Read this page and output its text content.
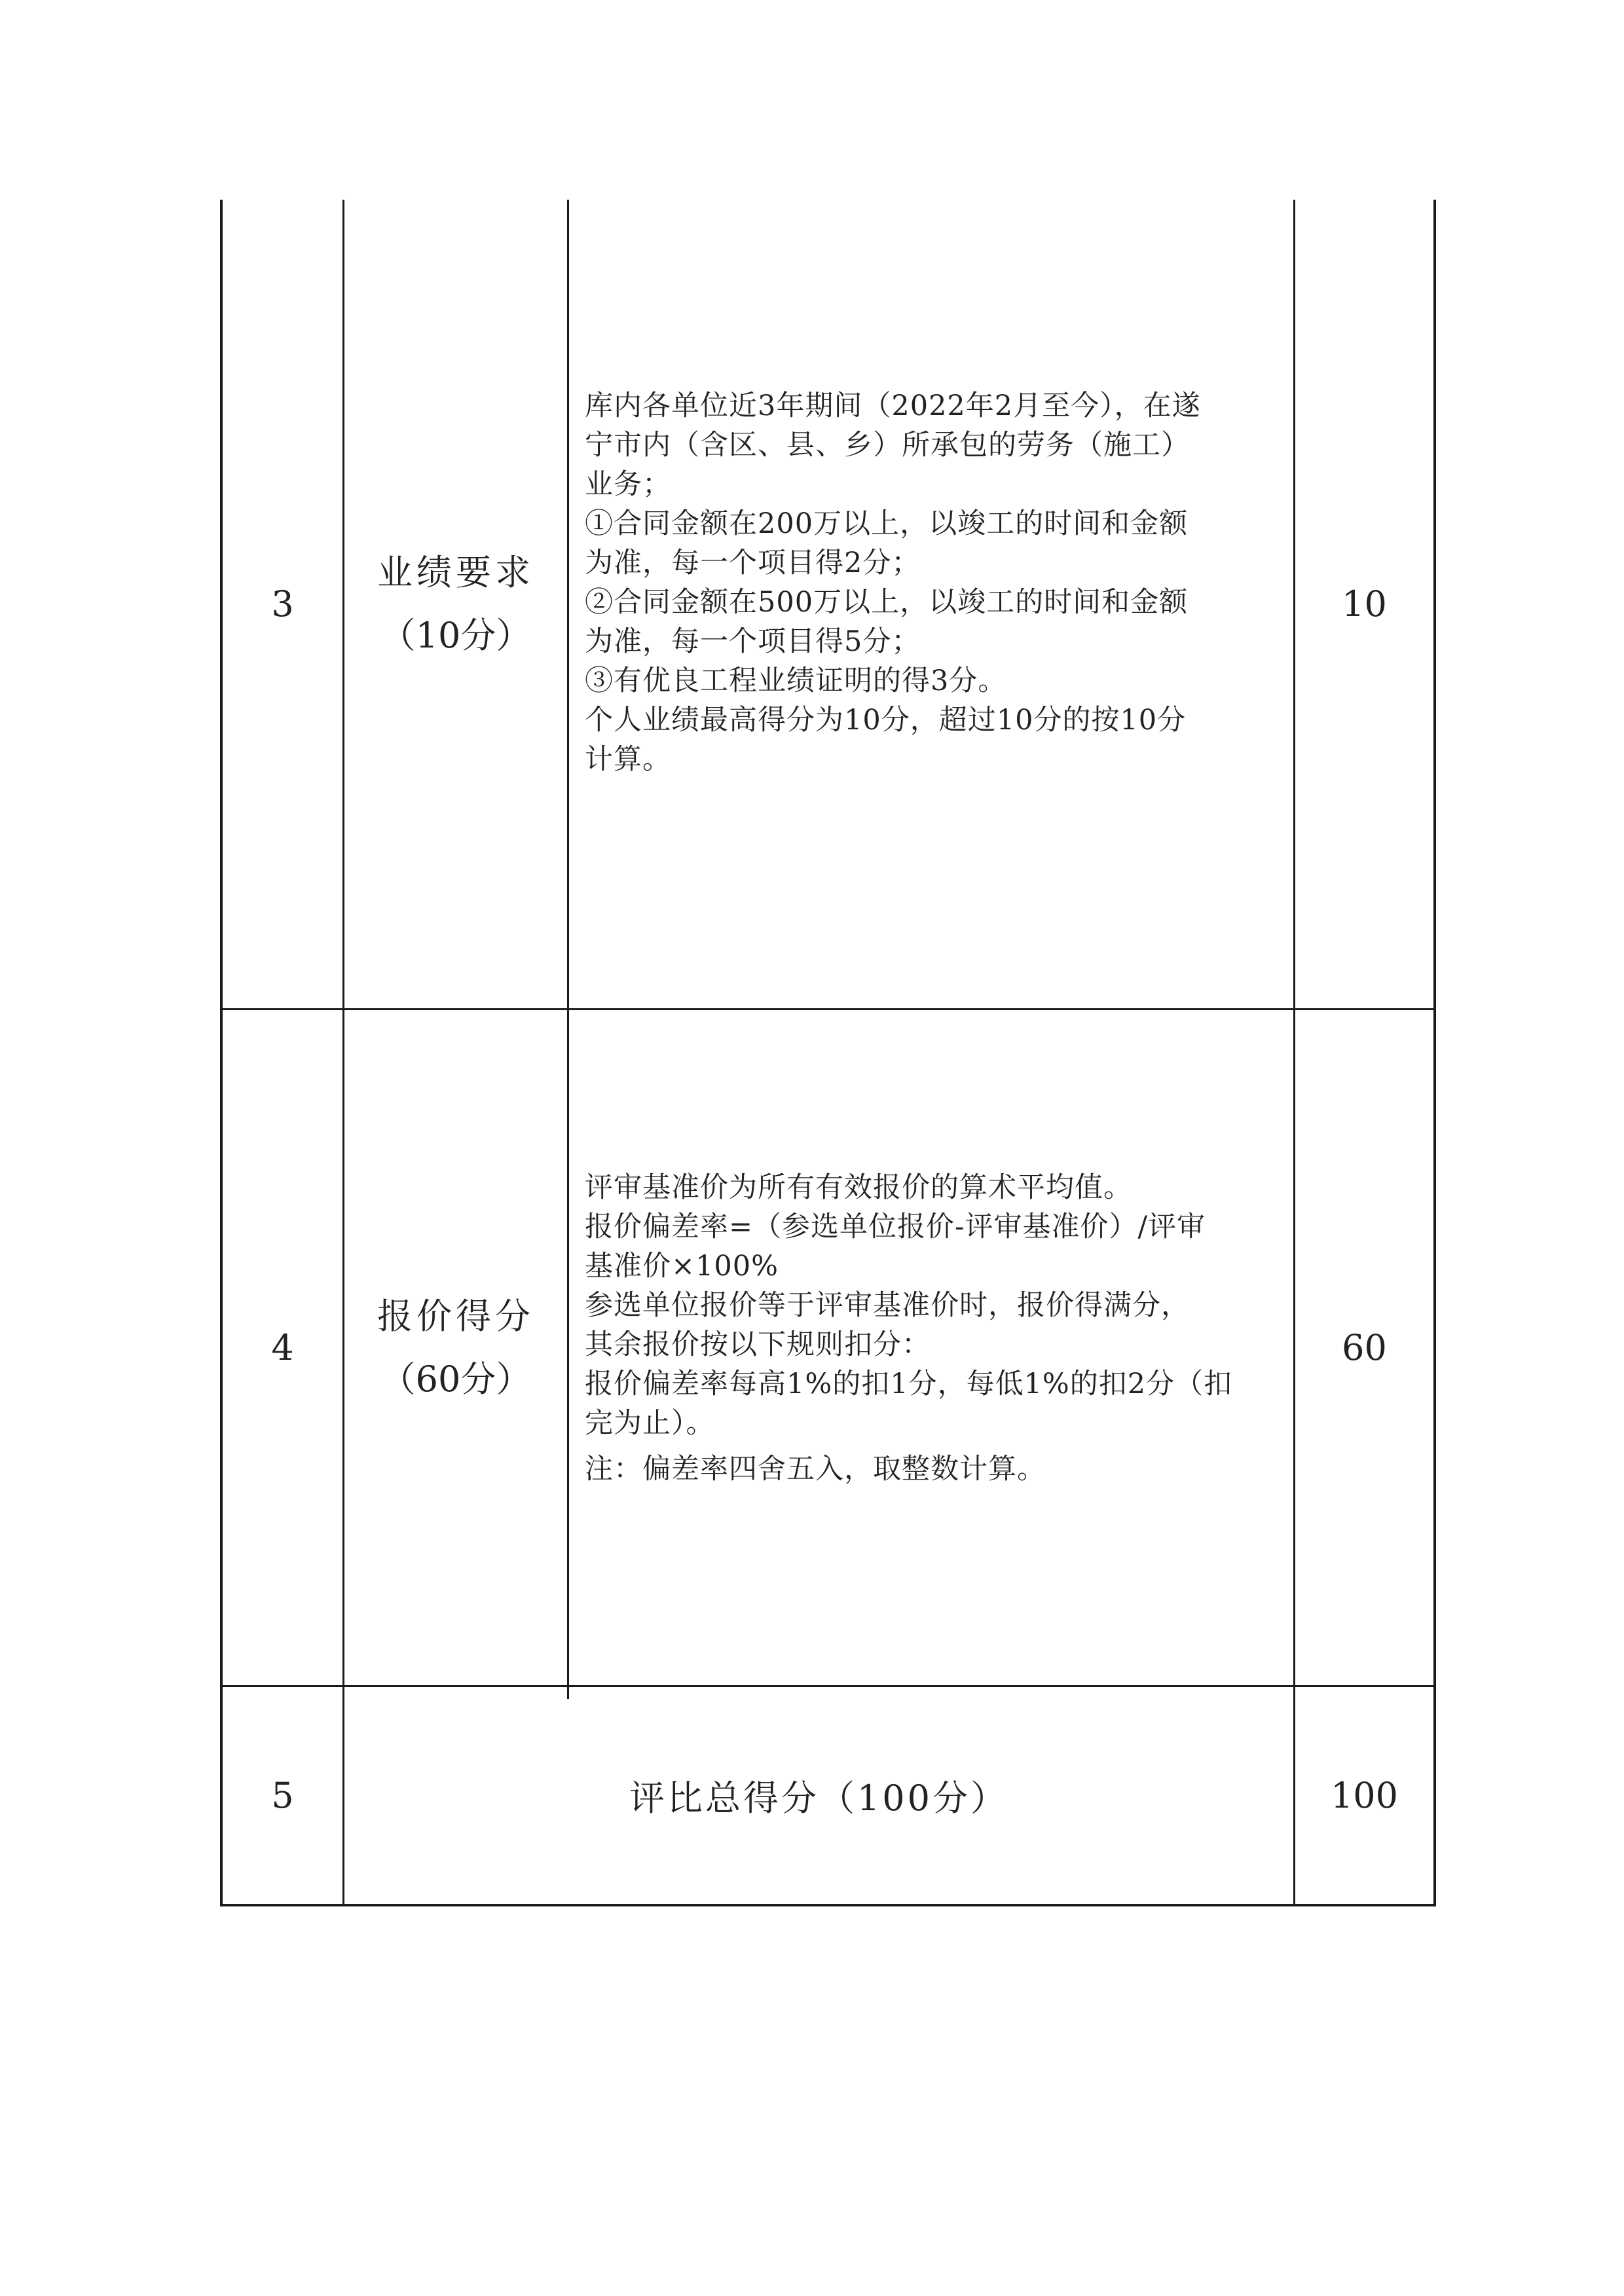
3
业绩要求
（10分）
库内各单位近3年期间（2022年2月至今），在遂
宁市内（含区、县、乡）所承包的劳务（施工）
业务；
①合同金额在200万以上，以竣工的时间和金额
为准，每一个项目得2分；
②合同金额在500万以上，以竣工的时间和金额
为准，每一个项目得5分；
③有优良工程业绩证明的得3分。
个人业绩最高得分为10分，超过10分的按10分
计算。
10
4
报价得分
（60分）
评审基准价为所有有效报价的算术平均值。
报价偏差率=（参选单位报价-评审基准价）/评审
基准价×100%
参选单位报价等于评审基准价时，报价得满分，
其余报价按以下规则扣分：
报价偏差率每高1%的扣1分，每低1%的扣2分（扣
完为止）。
注：偏差率四舍五入，取整数计算。
60
5	评比总得分（100分）	100
